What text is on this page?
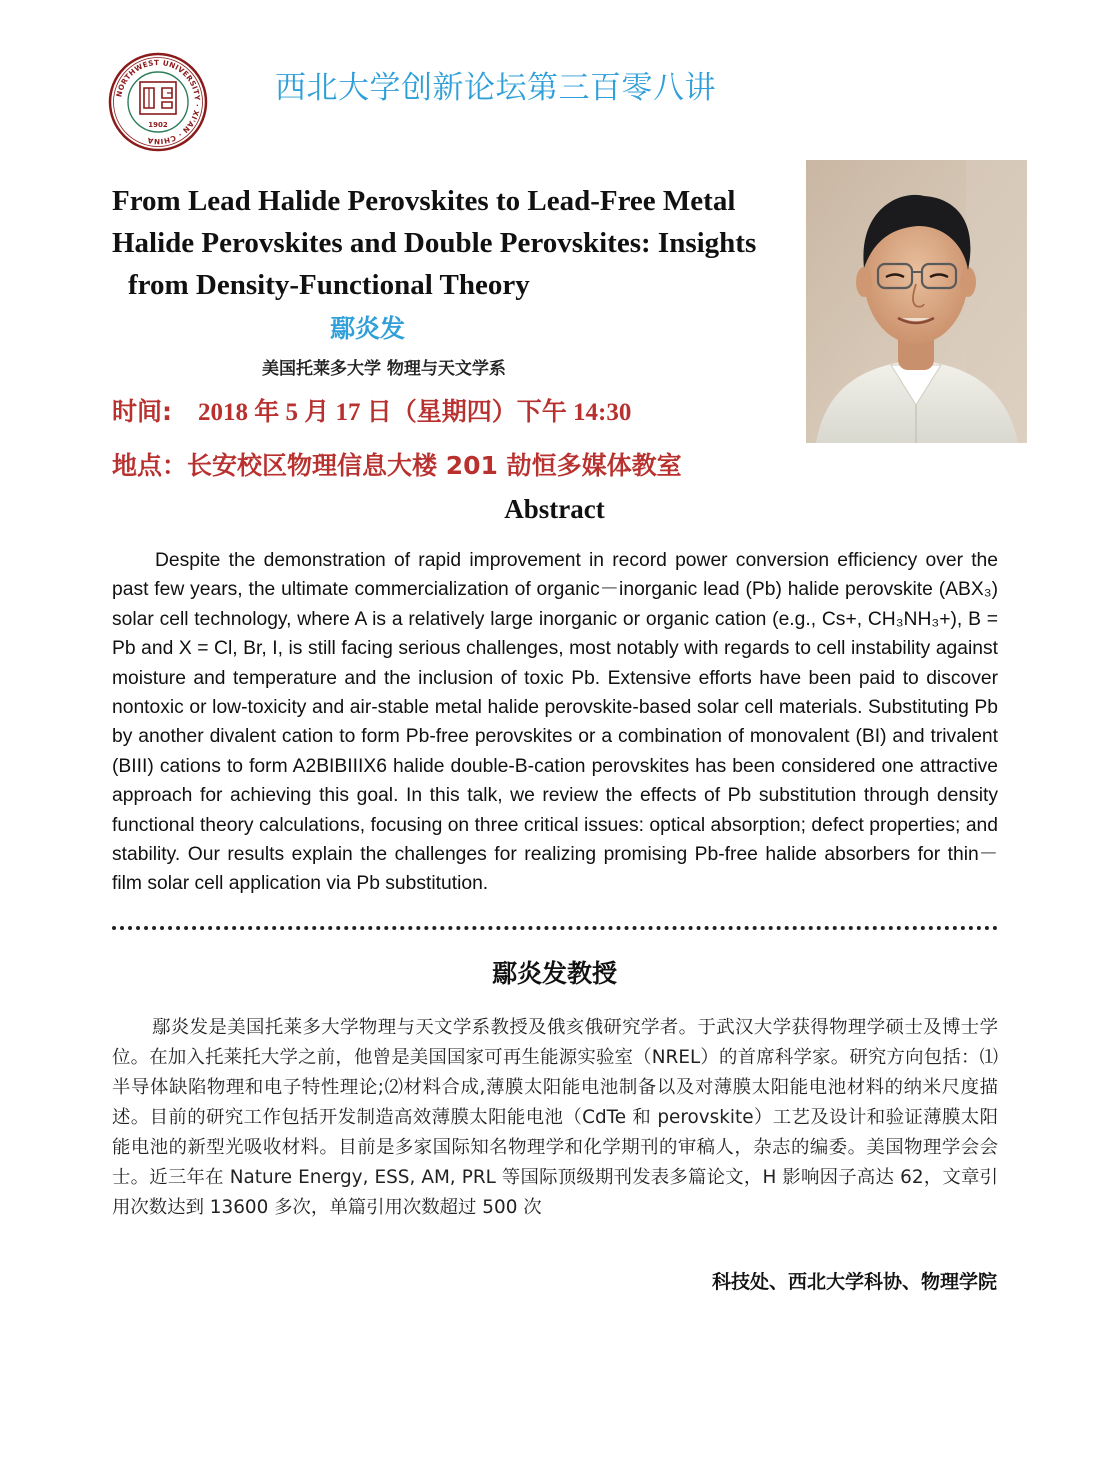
NORTHWEST UNIVERSITY · XI'AN · CHINA
1902
西北大学创新论坛第三百零八讲
From Lead Halide Perovskites to Lead-Free Metal
Halide Perovskites and Double Perovskites: Insights
from Density-Functional Theory
鄢炎发
美国托莱多大学 物理与天文学系
时间: 2018 年 5 月 17 日（星期四）下午 14:30
地点：长安校区物理信息大楼 201 劼恒多媒体教室
Abstract

Despite the demonstration of rapid improvement in record power conversion efficiency over the past few years, the ultimate commercialization of organic－inorganic lead (Pb) halide perovskite (ABX₃) solar cell technology, where A is a relatively large inorganic or organic cation (e.g., Cs+, CH₃NH₃+), B = Pb and X = Cl, Br, I, is still facing serious challenges, most notably with regards to cell instability against moisture and temperature and the inclusion of toxic Pb. Extensive efforts have been paid to discover nontoxic or low-toxicity and air-stable metal halide perovskite-based solar cell materials. Substituting Pb by another divalent cation to form Pb-free perovskites or a combination of monovalent (BI) and trivalent (BIII) cations to form A2BIBIIIX6 halide double-B-cation perovskites has been considered one attractive approach for achieving this goal. In this talk, we review the effects of Pb substitution through density functional theory calculations, focusing on three critical issues: optical absorption; defect properties; and stability. Our results explain the challenges for realizing promising Pb-free halide absorbers for thin－film solar cell application via Pb substitution.

鄢炎发教授

鄢炎发是美国托莱多大学物理与天文学系教授及俄亥俄研究学者。于武汉大学获得物理学硕士及博士学位。在加入托莱托大学之前，他曾是美国国家可再生能源实验室（NREL）的首席科学家。研究方向包括：⑴半导体缺陷物理和电子特性理论;⑵材料合成,薄膜太阳能电池制备以及对薄膜太阳能电池材料的纳米尺度描述。目前的研究工作包括开发制造高效薄膜太阳能电池（CdTe 和 perovskite）工艺及设计和验证薄膜太阳能电池的新型光吸收材料。目前是多家国际知名物理学和化学期刊的审稿人，杂志的编委。美国物理学会会士。近三年在 Nature Energy, ESS, AM, PRL 等国际顶级期刊发表多篇论文，H 影响因子高达 62，文章引用次数达到 13600 多次，单篇引用次数超过 500 次

科技处、西北大学科协、物理学院
